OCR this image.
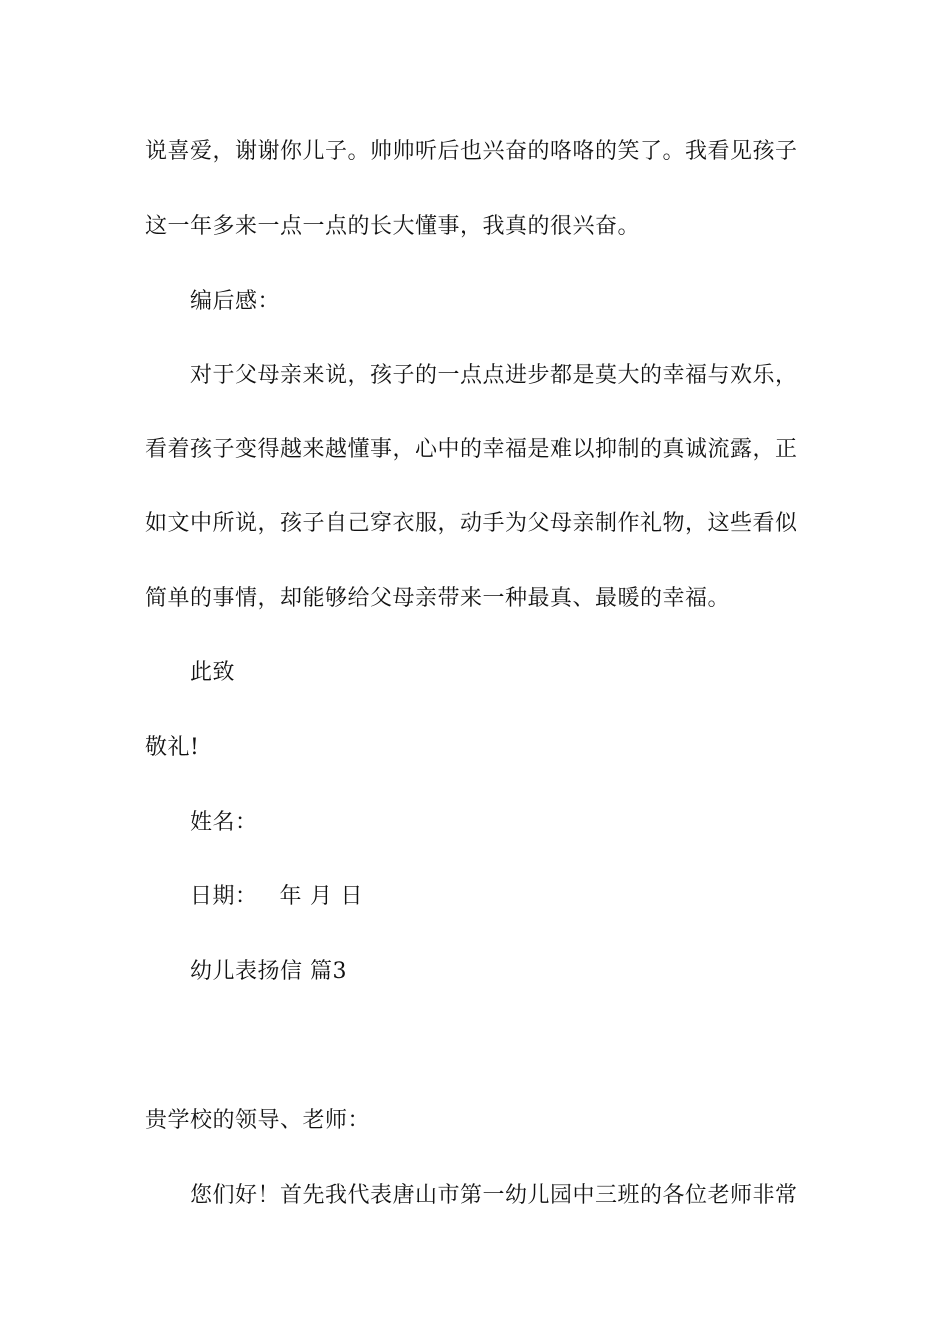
说喜爱，谢谢你儿子。帅帅听后也兴奋的咯咯的笑了。我看见孩子
这一年多来一点一点的长大懂事，我真的很兴奋。
编后感：
对于父母亲来说，孩子的一点点进步都是莫大的幸福与欢乐，
看着孩子变得越来越懂事，心中的幸福是难以抑制的真诚流露，正
如文中所说，孩子自己穿衣服，动手为父母亲制作礼物，这些看似
简单的事情，却能够给父母亲带来一种最真、最暖的幸福。
此致
敬礼!
姓名：
日期： 年 月 日
幼儿表扬信 篇3
贵学校的领导、老师：
您们好！首先我代表唐山市第一幼儿园中三班的各位老师非常
